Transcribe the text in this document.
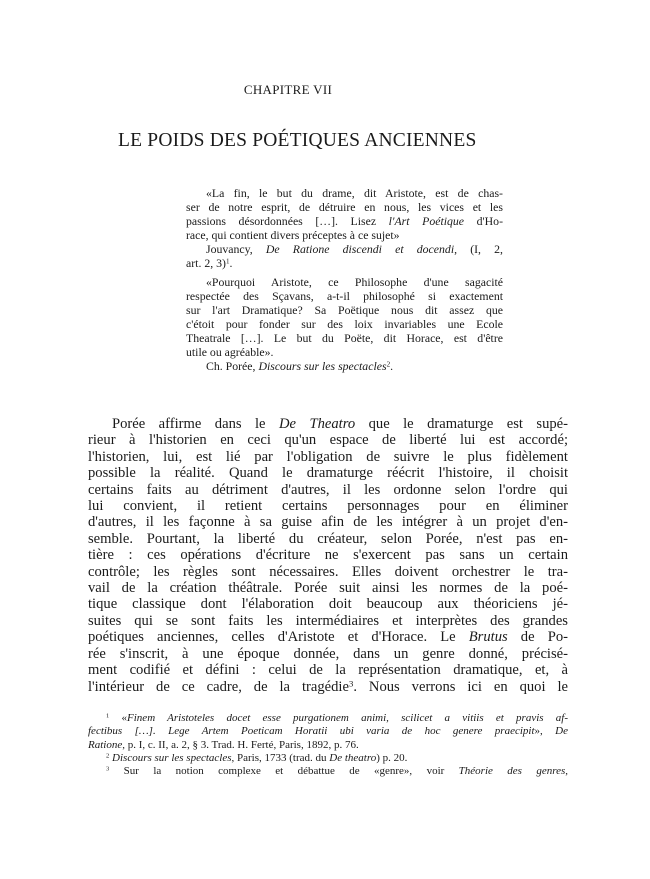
CHAPITRE VII
LE POIDS DES POÉTIQUES ANCIENNES
«La fin, le but du drame, dit Aristote, est de chas-
ser de notre esprit, de détruire en nous, les vices et les
passions désordonnées […]. Lisez l'Art Poétique d'Ho-
race, qui contient divers préceptes à ce sujet»
Jouvancy, De Ratione discendi et docendi, (I, 2,
art. 2, 3)$^1$.
«Pourquoi Aristote, ce Philosophe d'une sagacité
respectée des Sçavans, a-t-il philosophé si exactement
sur l'art Dramatique? Sa Poëtique nous dit assez que
c'étoit pour fonder sur des loix invariables une Ecole
Theatrale […]. Le but du Poëte, dit Horace, est d'être
utile ou agréable».
Ch. Porée, Discours sur les spectacles$^2$.
Porée affirme dans le De Theatro que le dramaturge est supé-
rieur à l'historien en ceci qu'un espace de liberté lui est accordé;
l'historien, lui, est lié par l'obligation de suivre le plus fidèlement
possible la réalité. Quand le dramaturge réécrit l'histoire, il choisit
certains faits au détriment d'autres, il les ordonne selon l'ordre qui
lui convient, il retient certains personnages pour en éliminer
d'autres, il les façonne à sa guise afin de les intégrer à un projet d'en-
semble. Pourtant, la liberté du créateur, selon Porée, n'est pas en-
tière : ces opérations d'écriture ne s'exercent pas sans un certain
contrôle; les règles sont nécessaires. Elles doivent orchestrer le tra-
vail de la création théâtrale. Porée suit ainsi les normes de la poé-
tique classique dont l'élaboration doit beaucoup aux théoriciens jé-
suites qui se sont faits les intermédiaires et interprètes des grandes
poétiques anciennes, celles d'Aristote et d'Horace. Le Brutus de Po-
rée s'inscrit, à une époque donnée, dans un genre donné, précisé-
ment codifié et défini : celui de la représentation dramatique, et, à
l'intérieur de ce cadre, de la tragédie$^3$. Nous verrons ici en quoi le
$^1$ «Finem Aristoteles docet esse purgationem animi, scilicet a vitiis et pravis af-
fectibus […]. Lege Artem Poeticam Horatii ubi varia de hoc genere praecipit», De
Ratione, p. I, c. II, a. 2, § 3. Trad. H. Ferté, Paris, 1892, p. 76.
$^2$ Discours sur les spectacles, Paris, 1733 (trad. du De theatro) p. 20.
$^3$ Sur la notion complexe et débattue de «genre», voir Théorie des genres,
